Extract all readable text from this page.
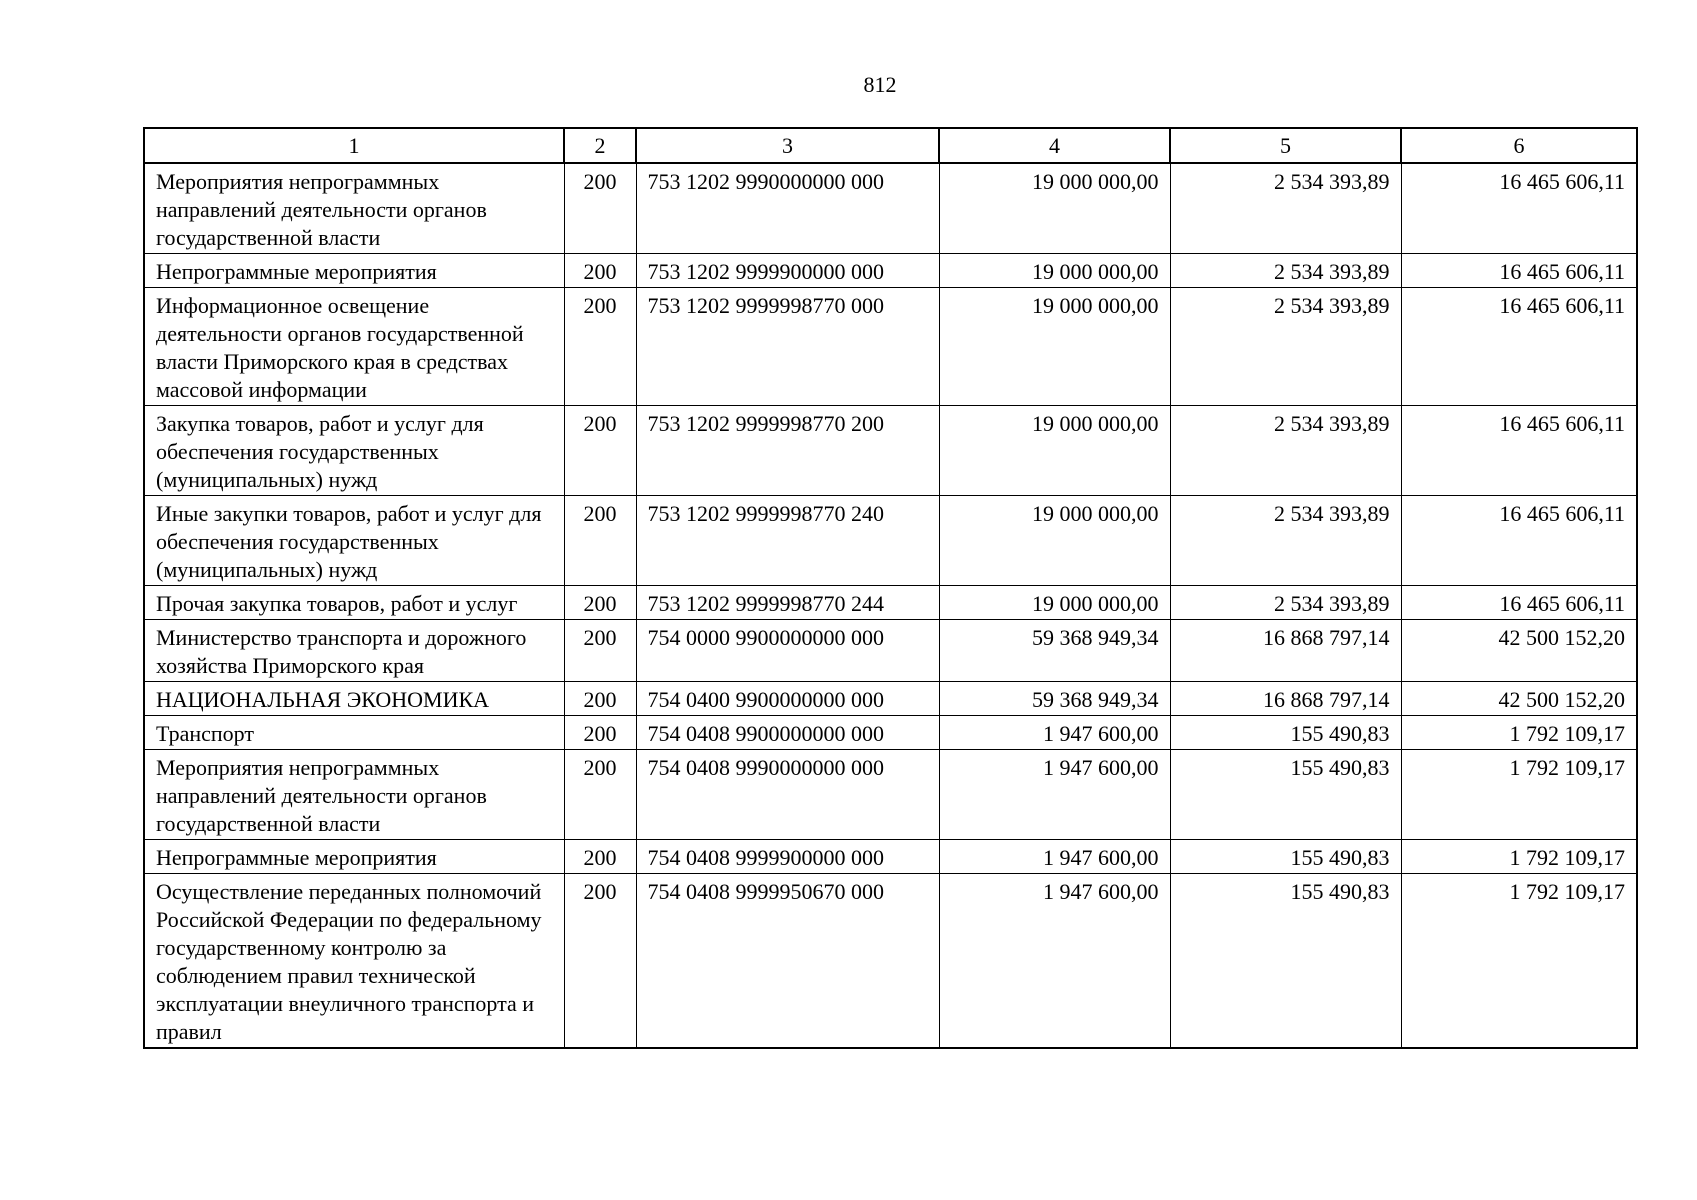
812
1	2	3	4	5	6
Мероприятия непрограммных направлений деятельности органов государственной власти	200	753 1202 9990000000 000	19 000 000,00	2 534 393,89	16 465 606,11
Непрограммные мероприятия	200	753 1202 9999900000 000	19 000 000,00	2 534 393,89	16 465 606,11
Информационное освещение деятельности органов государственной власти Приморского края в средствах массовой информации	200	753 1202 9999998770 000	19 000 000,00	2 534 393,89	16 465 606,11
Закупка товаров, работ и услуг для обеспечения государственных (муниципальных) нужд	200	753 1202 9999998770 200	19 000 000,00	2 534 393,89	16 465 606,11
Иные закупки товаров, работ и услуг для обеспечения государственных (муниципальных) нужд	200	753 1202 9999998770 240	19 000 000,00	2 534 393,89	16 465 606,11
Прочая закупка товаров, работ и услуг	200	753 1202 9999998770 244	19 000 000,00	2 534 393,89	16 465 606,11
Министерство транспорта и дорожного хозяйства Приморского края	200	754 0000 9900000000 000	59 368 949,34	16 868 797,14	42 500 152,20
НАЦИОНАЛЬНАЯ ЭКОНОМИКА	200	754 0400 9900000000 000	59 368 949,34	16 868 797,14	42 500 152,20
Транспорт	200	754 0408 9900000000 000	1 947 600,00	155 490,83	1 792 109,17
Мероприятия непрограммных направлений деятельности органов государственной власти	200	754 0408 9990000000 000	1 947 600,00	155 490,83	1 792 109,17
Непрограммные мероприятия	200	754 0408 9999900000 000	1 947 600,00	155 490,83	1 792 109,17
Осуществление переданных полномочий Российской Федерации по федеральному государственному контролю за соблюдением правил технической эксплуатации внеуличного транспорта и правил	200	754 0408 9999950670 000	1 947 600,00	155 490,83	1 792 109,17
